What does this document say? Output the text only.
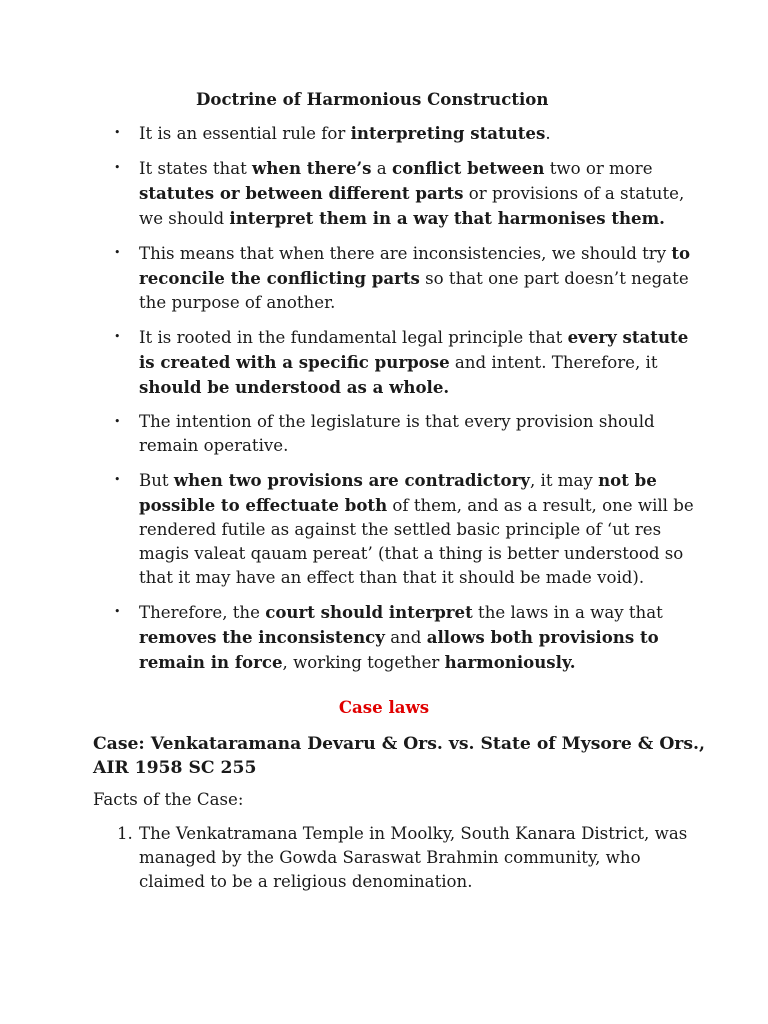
Doctrine of Harmonious Construction
• It is an essential rule for interpreting statutes.
• It states that when there’s a conflict between two or more statutes or between different parts or provisions of a statute, we should interpret them in a way that harmonises them.
• This means that when there are inconsistencies, we should try to reconcile the conflicting parts so that one part doesn’t negate the purpose of another.
• It is rooted in the fundamental legal principle that every statute is created with a specific purpose and intent. Therefore, it should be understood as a whole.
• The intention of the legislature is that every provision should remain operative.
• But when two provisions are contradictory, it may not be possible to effectuate both of them, and as a result, one will be rendered futile as against the settled basic principle of ‘ut res magis valeat qauam pereat’ (that a thing is better understood so that it may have an effect than that it should be made void).
• Therefore, the court should interpret the laws in a way that removes the inconsistency and allows both provisions to remain in force, working together harmoniously.
Case laws

Case: Venkataramana Devaru & Ors. vs. State of Mysore & Ors., AIR 1958 SC 255

Facts of the Case:

1. The Venkatramana Temple in Moolky, South Kanara District, was managed by the Gowda Saraswat Brahmin community, who claimed to be a religious denomination.
